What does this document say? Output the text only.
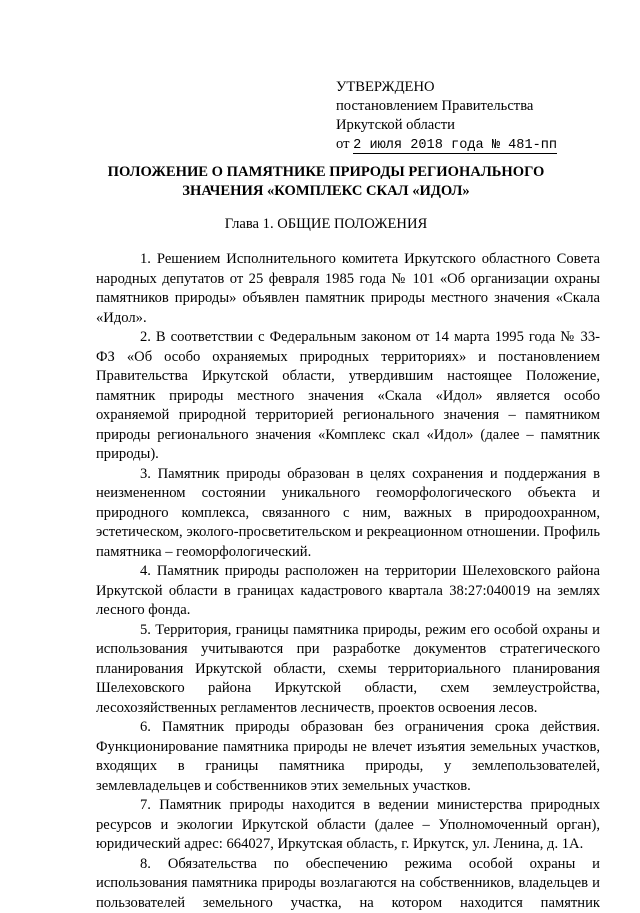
УТВЕРЖДЕНО
постановлением Правительства
Иркутской области
от 2 июля 2018 года № 481-пп
ПОЛОЖЕНИЕ О ПАМЯТНИКЕ ПРИРОДЫ РЕГИОНАЛЬНОГО ЗНАЧЕНИЯ «КОМПЛЕКС СКАЛ «ИДОЛ»
Глава 1. ОБЩИЕ ПОЛОЖЕНИЯ

1. Решением Исполнительного комитета Иркутского областного Совета народных депутатов от 25 февраля 1985 года № 101 «Об организации охраны памятников природы» объявлен памятник природы местного значения «Скала «Идол».

2. В соответствии с Федеральным законом от 14 марта 1995 года № 33-ФЗ «Об особо охраняемых природных территориях» и постановлением Правительства Иркутской области, утвердившим настоящее Положение, памятник природы местного значения «Скала «Идол» является особо охраняемой природной территорией регионального значения – памятником природы регионального значения «Комплекс скал «Идол» (далее – памятник природы).

3. Памятник природы образован в целях сохранения и поддержания в неизмененном состоянии уникального геоморфологического объекта и природного комплекса, связанного с ним, важных в природоохранном, эстетическом, эколого-просветительском и рекреационном отношении. Профиль памятника – геоморфологический.

4. Памятник природы расположен на территории Шелеховского района Иркутской области в границах кадастрового квартала 38:27:040019 на землях лесного фонда.

5. Территория, границы памятника природы, режим его особой охраны и использования учитываются при разработке документов стратегического планирования Иркутской области, схемы территориального планирования Шелеховского района Иркутской области, схем землеустройства, лесохозяйственных регламентов лесничеств, проектов освоения лесов.

6. Памятник природы образован без ограничения срока действия. Функционирование памятника природы не влечет изъятия земельных участков, входящих в границы памятника природы, у землепользователей, землевладельцев и собственников этих земельных участков.

7. Памятник природы находится в ведении министерства природных ресурсов и экологии Иркутской области (далее – Уполномоченный орган), юридический адрес: 664027, Иркутская область, г. Иркутск, ул. Ленина, д. 1А.

8. Обязательства по обеспечению режима особой охраны и использования памятника природы возлагаются на собственников, владельцев и пользователей земельного участка, на котором находится памятник
